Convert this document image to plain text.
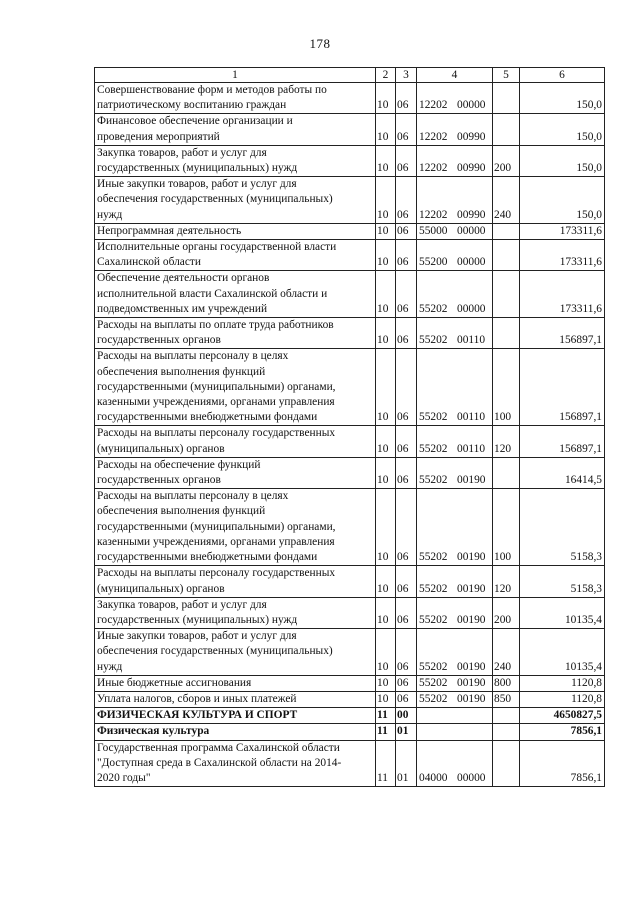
178
1	2	3	4	5	6
Совершенствование форм и методов работы по
патриотическому воспитанию граждан	10	06	12202 00000		150,0
Финансовое обеспечение организации и
проведения мероприятий	10	06	12202 00990		150,0
Закупка товаров, работ и услуг для
государственных (муниципальных) нужд	10	06	12202 00990	200	150,0
Иные закупки товаров, работ и услуг для
обеспечения государственных (муниципальных)
нужд	10	06	12202 00990	240	150,0
Непрограммная деятельность	10	06	55000 00000		173311,6
Исполнительные органы государственной власти
Сахалинской области	10	06	55200 00000		173311,6
Обеспечение деятельности органов
исполнительной власти Сахалинской области и
подведомственных им учреждений	10	06	55202 00000		173311,6
Расходы на выплаты по оплате труда работников
государственных органов	10	06	55202 00110		156897,1
Расходы на выплаты персоналу в целях
обеспечения выполнения функций
государственными (муниципальными) органами,
казенными учреждениями, органами управления
государственными внебюджетными фондами	10	06	55202 00110	100	156897,1
Расходы на выплаты персоналу государственных
(муниципальных) органов	10	06	55202 00110	120	156897,1
Расходы на обеспечение функций
государственных органов	10	06	55202 00190		16414,5
Расходы на выплаты персоналу в целях
обеспечения выполнения функций
государственными (муниципальными) органами,
казенными учреждениями, органами управления
государственными внебюджетными фондами	10	06	55202 00190	100	5158,3
Расходы на выплаты персоналу государственных
(муниципальных) органов	10	06	55202 00190	120	5158,3
Закупка товаров, работ и услуг для
государственных (муниципальных) нужд	10	06	55202 00190	200	10135,4
Иные закупки товаров, работ и услуг для
обеспечения государственных (муниципальных)
нужд	10	06	55202 00190	240	10135,4
Иные бюджетные ассигнования	10	06	55202 00190	800	1120,8
Уплата налогов, сборов и иных платежей	10	06	55202 00190	850	1120,8
ФИЗИЧЕСКАЯ КУЛЬТУРА И СПОРТ	11	00			4650827,5
Физическая культура	11	01			7856,1
Государственная программа Сахалинской области
"Доступная среда в Сахалинской области на 2014-
2020 годы"	11	01	04000 00000		7856,1
